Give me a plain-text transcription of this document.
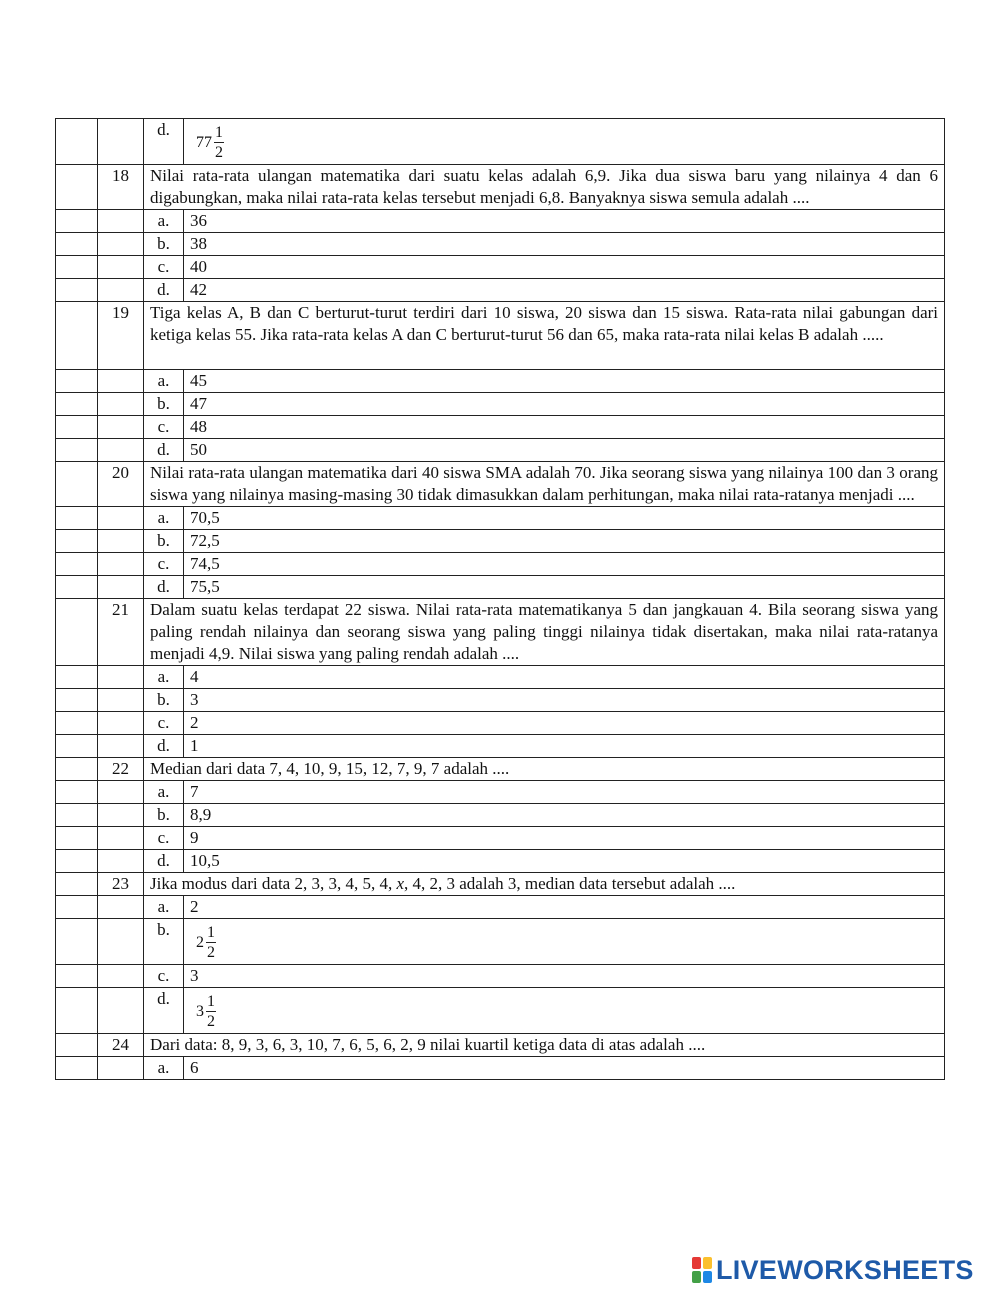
		d.	$77 \frac{1}{2}$

	18	Nilai rata-rata ulangan matematika dari suatu kelas adalah 6,9. Jika dua siswa baru yang nilainya 4 dan 6 digabungkan, maka nilai rata-rata kelas tersebut menjadi 6,8. Banyaknya siswa semula adalah ....	
		a.	36
		b.	38
		c.	40
		d.	42
	19	Tiga kelas A, B dan C berturut-turut terdiri dari 10 siswa, 20 siswa dan 15 siswa. Rata-rata nilai gabungan dari ketiga kelas 55. Jika rata-rata kelas A dan C berturut-turut 56 dan 65, maka rata-rata nilai kelas B adalah .....	
		a.	45
		b.	47
		c.	48
		d.	50
	20	Nilai rata-rata ulangan matematika dari 40 siswa SMA adalah 70. Jika seorang siswa yang nilainya 100 dan 3 orang siswa yang nilainya masing-masing 30 tidak dimasukkan dalam perhitungan, maka nilai rata-ratanya menjadi ....	
		a.	70,5
		b.	72,5
		c.	74,5
		d.	75,5
	21	Dalam suatu kelas terdapat 22 siswa. Nilai rata-rata matematikanya 5 dan jangkauan 4. Bila seorang siswa yang paling rendah nilainya dan seorang siswa yang paling tinggi nilainya tidak disertakan, maka nilai rata-ratanya menjadi 4,9. Nilai siswa yang paling rendah adalah ....	
		a.	4
		b.	3
		c.	2
		d.	1
	22	Median dari data 7, 4, 10, 9, 15, 12, 7, 9, 7 adalah ....	
		a.	7
		b.	8,9
		c.	9
		d.	10,5
	23	Jika modus dari data 2, 3, 3, 4, 5, 4, x, 4, 2, 3 adalah 3, median data tersebut adalah ....	
		a.	2
		b.	$2 \frac{1}{2}$

		c.	3
		d.	$3 \frac{1}{2}$

	24	Dari data: 8, 9, 3, 6, 3, 10, 7, 6, 5, 6, 2, 9 nilai kuartil ketiga data di atas adalah ....	
		a.	6
LIVEWORKSHEETS
